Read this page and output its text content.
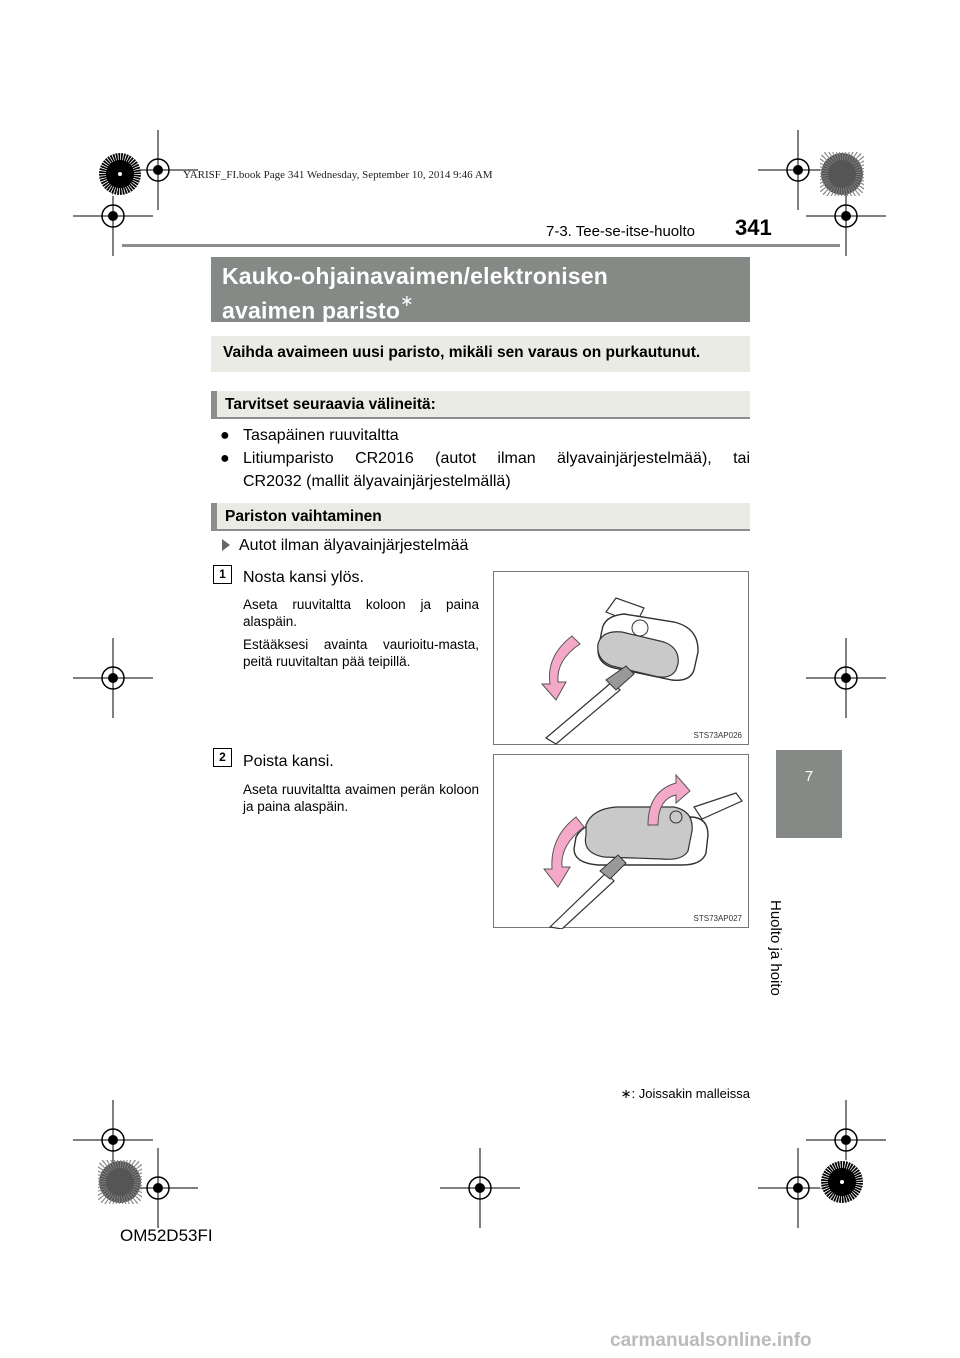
YARISF_FI.book Page 341 Wednesday, September 10, 2014 9:46 AM
7-3. Tee-se-itse-huolto 341
7
Huolto ja hoito
Kauko-ohjainavaimen/elektronisen
avaimen paristo∗
Vaihda avaimeen uusi paristo, mikäli sen varaus on purkautunut.
Tarvitset seuraavia välineitä:
● Tasapäinen ruuvitaltta
● Litiumparisto CR2016 (autot ilman älyavainjärjestelmää), tai
CR2032 (mallit älyavainjärjestelmällä)
Pariston vaihtaminen
Autot ilman älyavainjärjestelmää
1	Nosta kansi ylös.
Aseta ruuvitaltta koloon ja paina alaspäin.
Estääksesi avainta vaurioitu-masta, peitä ruuvitaltan pää teipillä.
STS73AP026
2	Poista kansi.
Aseta ruuvitaltta avaimen perän koloon ja paina alaspäin.
STS73AP027
∗: Joissakin malleissa
OM52D53FI
carmanualsonline.info
